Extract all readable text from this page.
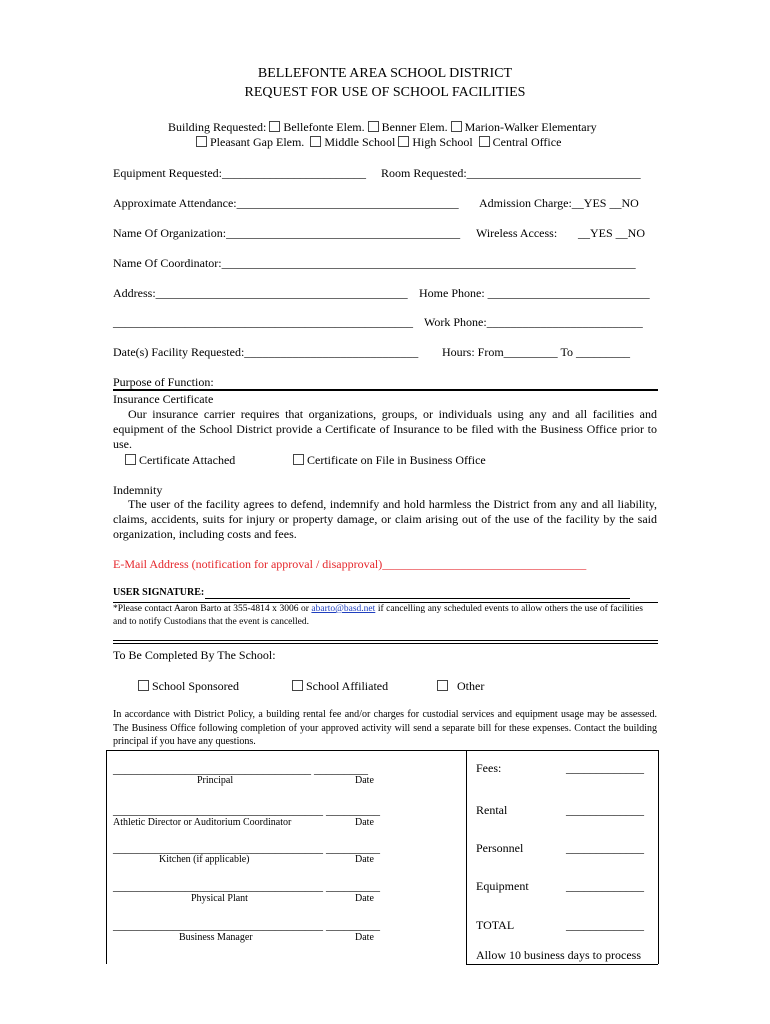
BELLEFONTE AREA SCHOOL DISTRICT
REQUEST FOR USE OF SCHOOL FACILITIES
Building Requested: Bellefonte Elem. Benner Elem. Marion-Walker Elementary
Pleasant Gap Elem. Middle School High School Central Office
Equipment Requested:________________________ Room Requested:_____________________________
Approximate Attendance:_____________________________________ Admission Charge:__YES __NO
Name Of Organization:_______________________________________ Wireless Access: __YES __NO
Name Of Coordinator:_____________________________________________________________________
Address:__________________________________________ Home Phone: ___________________________
__________________________________________________ Work Phone:__________________________
Date(s) Facility Requested:_____________________________ Hours: From_________ To _________
Purpose of Function:
Insurance Certificate
Our insurance carrier requires that organizations, groups, or individuals using any and all facilities and equipment of the School District provide a Certificate of Insurance to be filed with the Business Office prior to use.
Certificate Attached	Certificate on File in Business Office
Indemnity
The user of the facility agrees to defend, indemnify and hold harmless the District from any and all liability, claims, accidents, suits for injury or property damage, or claim arising out of the use of the facility by the said organization, including costs and fees.
E-Mail Address (notification for approval / disapproval)__________________________________
USER SIGNATURE:
*Please contact Aaron Barto at 355-4814 x 3006 or abarto@basd.net if cancelling any scheduled events to allow others the use of facilities and to notify Custodians that the event is cancelled.
To Be Completed By The School:
School Sponsored	School Affiliated	Other
In accordance with District Policy, a building rental fee and/or charges for custodial services and equipment usage may be assessed. The Business Office following completion of your approved activity will send a separate bill for these expenses. Contact the building principal if you have any questions.
_________________________________ _________
Principal	Date
___________________________________ _________
Athletic Director or Auditorium Coordinator	Date
___________________________________ _________
Kitchen (if applicable)	Date
___________________________________ _________
Physical Plant	Date
___________________________________ _________
Business Manager	Date
Fees:	_____________
Rental	_____________
Personnel	_____________
Equipment	_____________
TOTAL	_____________
Allow 10 business days to process
